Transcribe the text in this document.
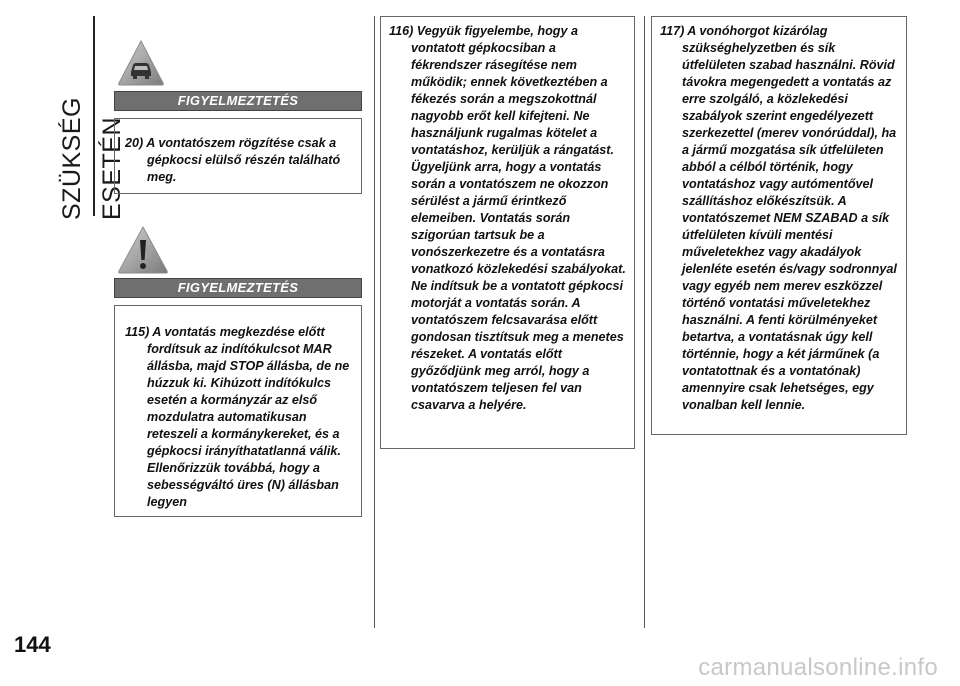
SZÜKSÉG ESETÉN
144
FIGYELMEZTETÉS

20) A vontatószem rögzítése csak a gépkocsi elülső részén található meg.

FIGYELMEZTETÉS

115) A vontatás megkezdése előtt fordítsuk az indítókulcsot MAR állásba, majd STOP állásba, de ne húzzuk ki. Kihúzott indítókulcs esetén a kormányzár az első mozdulatra automatikusan reteszeli a kormánykereket, és a gépkocsi irányíthatatlanná válik. Ellenőrizzük továbbá, hogy a sebességváltó üres (N) állásban legyen

116) Vegyük figyelembe, hogy a vontatott gépkocsiban a fékrendszer rásegítése nem működik; ennek következtében a fékezés során a megszokottnál nagyobb erőt kell kifejteni. Ne használjunk rugalmas kötelet a vontatáshoz, kerüljük a rángatást. Ügyeljünk arra, hogy a vontatás során a vontatószem ne okozzon sérülést a jármű érintkező elemeiben. Vontatás során szigorúan tartsuk be a vonószerkezetre és a vontatásra vonatkozó közlekedési szabályokat. Ne indítsuk be a vontatott gépkocsi motorját a vontatás során. A vontatószem felcsavarása előtt gondosan tisztítsuk meg a menetes részeket. A vontatás előtt győződjünk meg arról, hogy a vontatószem teljesen fel van csavarva a helyére.

117) A vonóhorgot kizárólag szükséghelyzetben és sík útfelületen szabad használni. Rövid távokra megengedett a vontatás az erre szolgáló, a közlekedési szabályok szerint engedélyezett szerkezettel (merev vonórúddal), ha a jármű mozgatása sík útfelületen abból a célból történik, hogy vontatáshoz vagy autómentővel szállításhoz előkészítsük. A vontatószemet NEM SZABAD a sík útfelületen kívüli mentési műveletekhez vagy akadályok jelenléte esetén és/vagy sodronnyal vagy egyéb nem merev eszközzel történő vontatási műveletekhez használni. A fenti körülményeket betartva, a vontatásnak úgy kell történnie, hogy a két járműnek (a vontatottnak és a vontatónak) amennyire csak lehetséges, egy vonalban kell lennie.

carmanualsonline.info
